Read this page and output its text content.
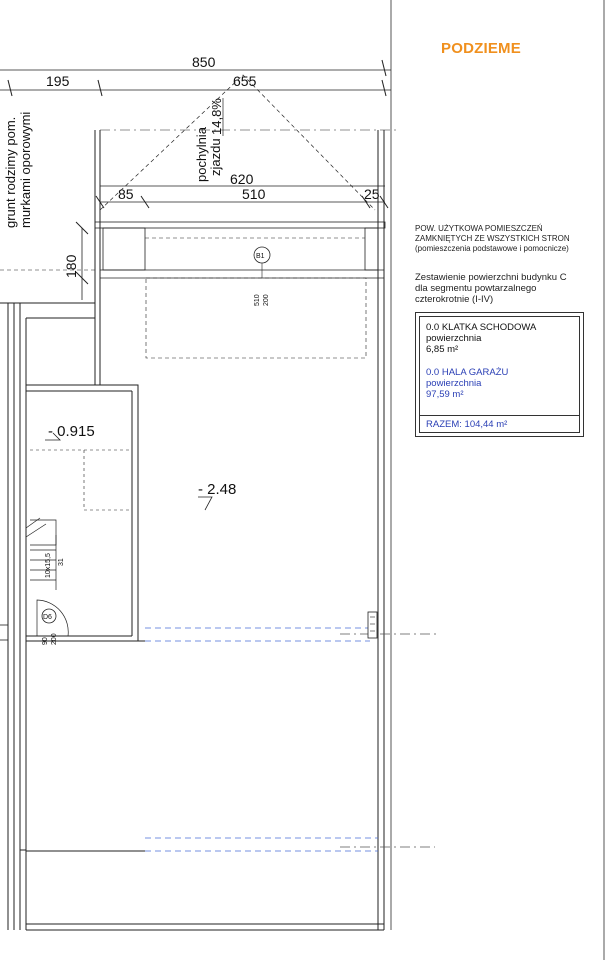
850
195	655
pochylnia zjazdu
14,8%
grunt rodzimy pom. murkami oporowymi	620
85	510	25
B1
510 200
180
10x15,5 31
D6
90 200
- 0.915
- 2.48
PODZIEME
POW. UŻYTKOWA POMIESZCZEŃ
ZAMKNIĘTYCH ZE WSZYSTKICH STRON
(pomieszczenia podstawowe i pomocnicze)
Zestawienie powierzchni budynku C
dla segmentu powtarzalnego
czterokrotnie (I-IV)
0.0 KLATKA SCHODOWA
powierzchnia
6,85 m²
0.0 HALA GARAŻU
powierzchnia
97,59 m²
RAZEM: 104,44 m²
